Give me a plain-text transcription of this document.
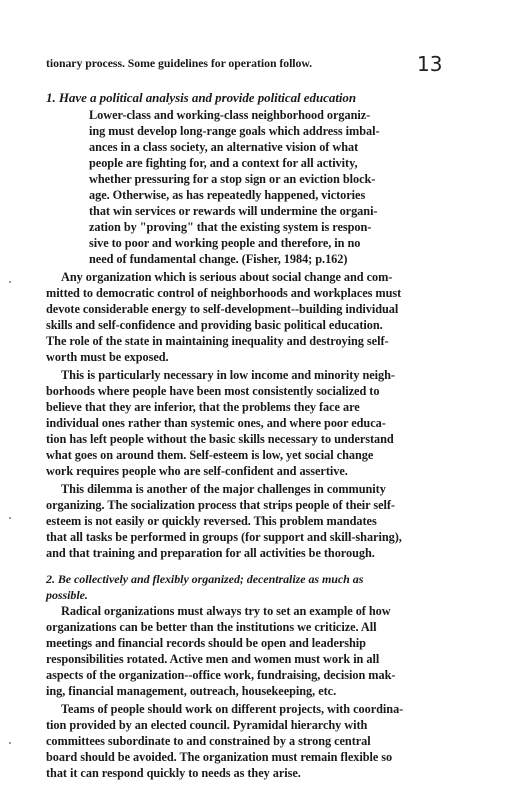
tionary process. Some guidelines for operation follow.	13
1. Have a political analysis and provide political education
Lower-class and working-class neighborhood organiz-
ing must develop long-range goals which address imbal-
ances in a class society, an alternative vision of what
people are fighting for, and a context for all activity,
whether pressuring for a stop sign or an eviction block-
age. Otherwise, as has repeatedly happened, victories
that win services or rewards will undermine the organi-
zation by "proving" that the existing system is respon-
sive to poor and working people and therefore, in no
need of fundamental change. (Fisher, 1984; p.162)
Any organization which is serious about social change and com-
mitted to democratic control of neighborhoods and workplaces must
devote considerable energy to self-development--building individual
skills and self-confidence and providing basic political education.
The role of the state in maintaining inequality and destroying self-
worth must be exposed.
This is particularly necessary in low income and minority neigh-
borhoods where people have been most consistently socialized to
believe that they are inferior, that the problems they face are
individual ones rather than systemic ones, and where poor educa-
tion has left people without the basic skills necessary to understand
what goes on around them. Self-esteem is low, yet social change
work requires people who are self-confident and assertive.
This dilemma is another of the major challenges in community
organizing. The socialization process that strips people of their self-
esteem is not easily or quickly reversed. This problem mandates
that all tasks be performed in groups (for support and skill-sharing),
and that training and preparation for all activities be thorough.
2. Be collectively and flexibly organized; decentralize as much as
possible.
Radical organizations must always try to set an example of how
organizations can be better than the institutions we criticize. All
meetings and financial records should be open and leadership
responsibilities rotated. Active men and women must work in all
aspects of the organization--office work, fundraising, decision mak-
ing, financial management, outreach, housekeeping, etc.
Teams of people should work on different projects, with coordina-
tion provided by an elected council. Pyramidal hierarchy with
committees subordinate to and constrained by a strong central
board should be avoided. The organization must remain flexible so
that it can respond quickly to needs as they arise.
